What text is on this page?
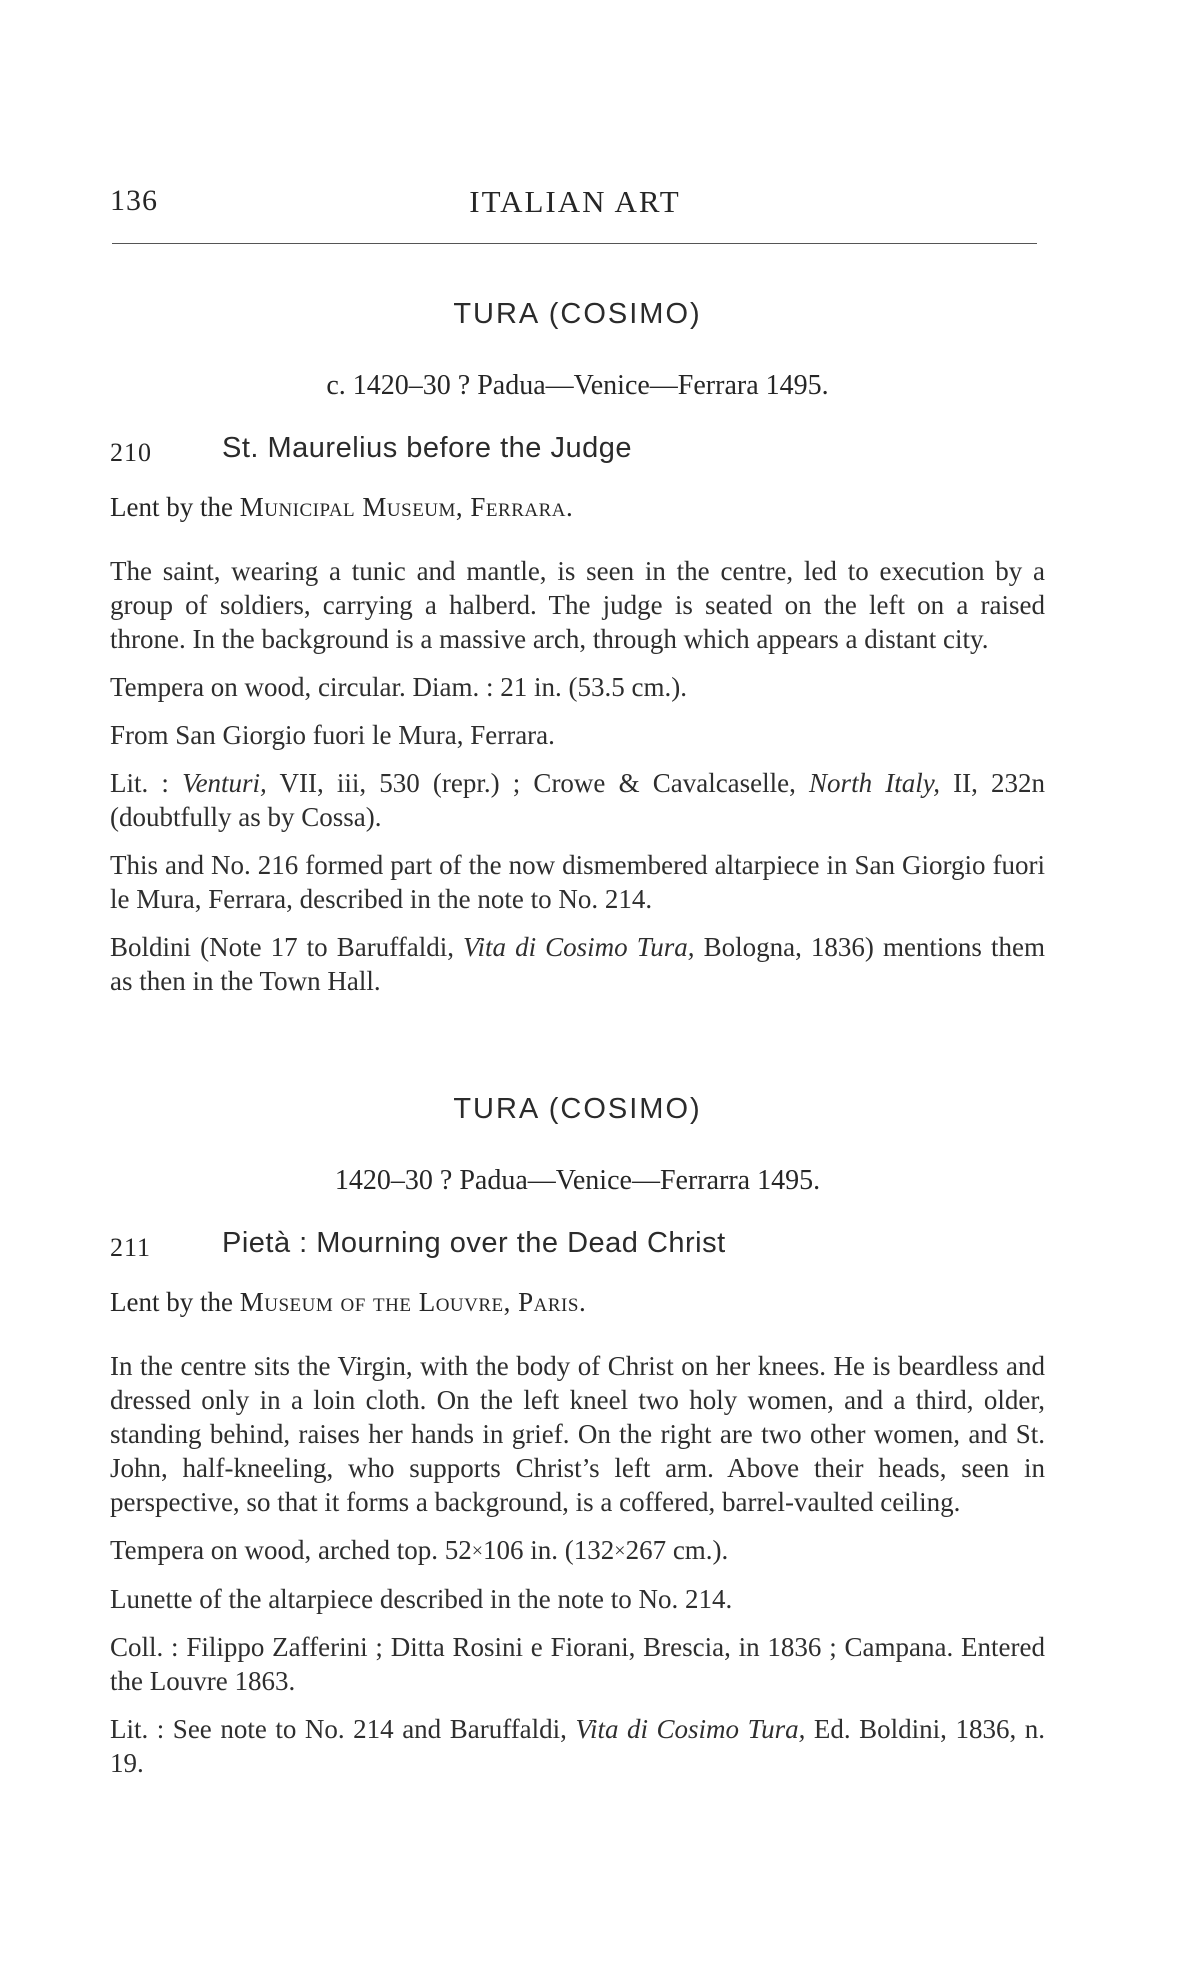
136	ITALIAN ART
TURA (COSIMO)
c. 1420–30 ? Padua—Venice—Ferrara 1495.
210 St. Maurelius before the Judge
Lent by the Municipal Museum, Ferrara.

The saint, wearing a tunic and mantle, is seen in the centre, led to execution by a group of soldiers, carrying a halberd. The judge is seated on the left on a raised throne. In the background is a massive arch, through which appears a distant city.

Tempera on wood, circular. Diam. : 21 in. (53.5 cm.).

From San Giorgio fuori le Mura, Ferrara.

Lit. : Venturi, VII, iii, 530 (repr.) ; Crowe & Cavalcaselle, North Italy, II, 232n (doubtfully as by Cossa).

This and No. 216 formed part of the now dismembered altarpiece in San Giorgio fuori le Mura, Ferrara, described in the note to No. 214.

Boldini (Note 17 to Baruffaldi, Vita di Cosimo Tura, Bologna, 1836) mentions them as then in the Town Hall.

TURA (COSIMO)
1420–30 ? Padua—Venice—Ferrarra 1495.
211 Pietà : Mourning over the Dead Christ
Lent by the Museum of the Louvre, Paris.

In the centre sits the Virgin, with the body of Christ on her knees. He is beardless and dressed only in a loin cloth. On the left kneel two holy women, and a third, older, standing behind, raises her hands in grief. On the right are two other women, and St. John, half-kneeling, who supports Christ’s left arm. Above their heads, seen in perspective, so that it forms a background, is a coffered, barrel-vaulted ceiling.

Tempera on wood, arched top. 52×106 in. (132×267 cm.).

Lunette of the altarpiece described in the note to No. 214.

Coll. : Filippo Zafferini ; Ditta Rosini e Fiorani, Brescia, in 1836 ; Campana. Entered the Louvre 1863.

Lit. : See note to No. 214 and Baruffaldi, Vita di Cosimo Tura, Ed. Boldini, 1836, n. 19.
